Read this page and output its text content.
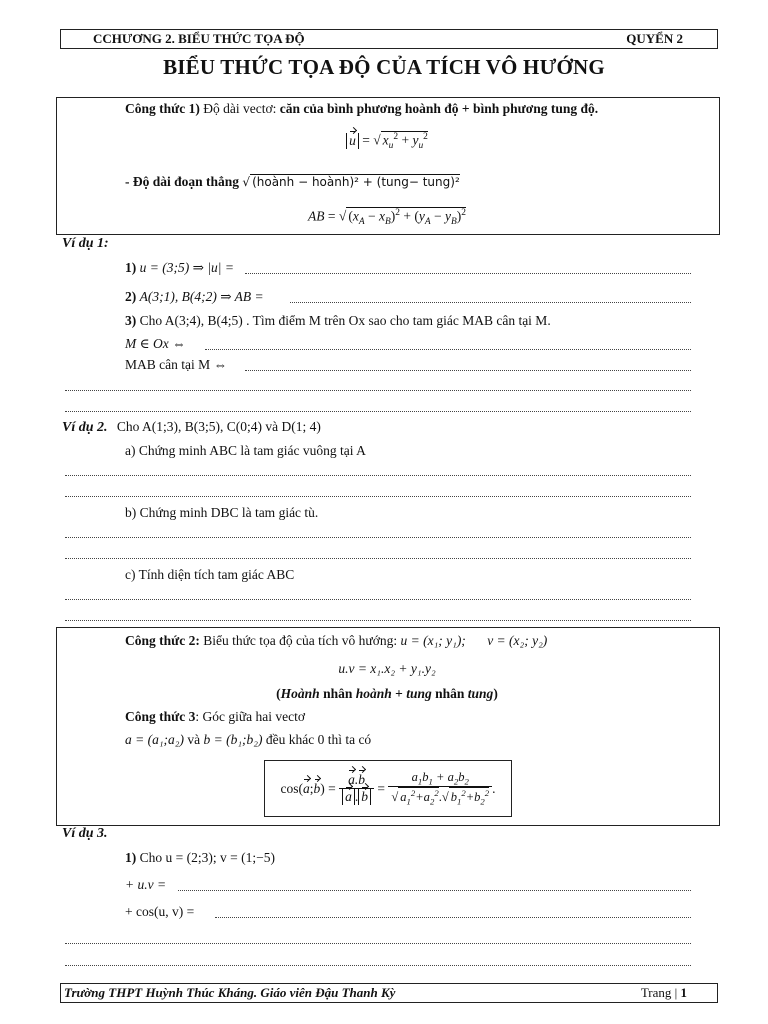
CCHƯƠNG 2. BIỂU THỨC TỌA ĐỘ	QUYỂN 2
BIỂU THỨC TỌA ĐỘ CỦA TÍCH VÔ HƯỚNG
Công thức 1) Độ dài vectơ: căn của bình phương hoành độ + bình phương tung độ.
u = √ $x_u^2 + y_u^2$
- Độ dài đoạn thẳng √ (hoành − hoành)² + (tung− tung)²
AB = √ $(x_A - x_B)^2 + (y_A - y_B)^2$
Ví dụ 1:
1) u = (3;5) ⇒ |u| =
2) A(3;1), B(4;2) ⇒ AB =
3) Cho A(3;4), B(4;5) . Tìm điểm M trên Ox sao cho tam giác MAB cân tại M.
M ∈ Ox ⇔
MAB cân tại M ⇔
Ví dụ 2. Cho A(1;3), B(3;5), C(0;4) và D(1; 4)
a) Chứng minh ABC là tam giác vuông tại A
b) Chứng minh DBC là tam giác tù.
c) Tính diện tích tam giác ABC
Công thức 2: Biểu thức tọa độ của tích vô hướng: u = (x₁; y₁); v = (x₂; y₂)
u.v = x₁.x₂ + y₁.y₂
(Hoành nhân hoành + tung nhân tung)
Công thức 3: Góc giữa hai vectơ
a = (a₁;a₂) và b = (b₁;b₂) đều khác 0 thì ta có
cos(a;b) = $\frac{a.b}{a . b} = \frac{a_1b_1 + a_2b_2}{√ a_1^2+a_2^2.√ b_1^2+b_2^2}$ .
Ví dụ 3.
1) Cho u = (2;3); v = (1;−5)
+ u.v =
+ cos(u, v) =
Trường THPT Huỳnh Thúc Kháng. Giáo viên Đậu Thanh Kỳ	Trang | 1
